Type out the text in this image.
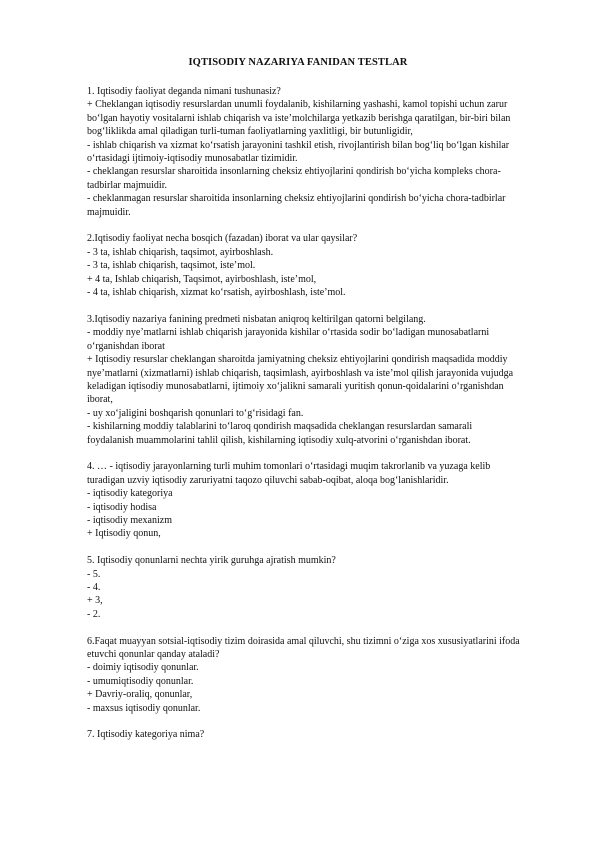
IQTISODIY NAZARIYA FANIDAN TESTLAR
1. Iqtisodiy faoliyat deganda nimani tushunasiz?
+ Cheklangan iqtisodiy resurslardan unumli foydalanib, kishilarning yashashi, kamol topishi uchun zarur
bo‘lgan hayotiy vositalarni ishlab chiqarish va iste’molchilarga yetkazib berishga qaratilgan, bir-biri bilan
bog‘liklikda amal qiladigan turli-tuman faoliyatlarning yaxlitligi, bir butunligidir,
- ishlab chiqarish va xizmat ko‘rsatish jarayonini tashkil etish, rivojlantirish bilan bog‘liq bo‘lgan kishilar
o‘rtasidagi ijtimoiy-iqtisodiy munosabatlar tizimidir.
- cheklangan resurslar sharoitida insonlarning cheksiz ehtiyojlarini qondirish bo‘yicha kompleks chora-
tadbirlar majmuidir.
- cheklanmagan resurslar sharoitida insonlarning cheksiz ehtiyojlarini qondirish bo‘yicha chora-tadbirlar
majmuidir.
2.Iqtisodiy faoliyat necha bosqich (fazadan) iborat va ular qaysilar?
- 3 ta, ishlab chiqarish, taqsimot, ayirboshlash.
- 3 ta, ishlab chiqarish, taqsimot, iste’mol.
+ 4 ta, Ishlab chiqarish, Taqsimot, ayirboshlash, iste’mol,
- 4 ta, ishlab chiqarish, xizmat ko‘rsatish, ayirboshlash, iste’mol.
3.Iqtisodiy nazariya fanining predmeti nisbatan aniqroq keltirilgan qatorni belgilang.
- moddiy nye’matlarni ishlab chiqarish jarayonida kishilar o‘rtasida sodir bo‘ladigan munosabatlarni
o‘rganishdan iborat
+ Iqtisodiy resurslar cheklangan sharoitda jamiyatning cheksiz ehtiyojlarini qondirish maqsadida moddiy
nye’matlarni (xizmatlarni) ishlab chiqarish, taqsimlash, ayirboshlash va iste’mol qilish jarayonida vujudga
keladigan iqtisodiy munosabatlarni, ijtimoiy xo‘jalikni samarali yuritish qonun-qoidalarini o‘rganishdan
iborat,
- uy xo‘jaligini boshqarish qonunlari to‘g‘risidagi fan.
- kishilarning moddiy talablarini to‘laroq qondirish maqsadida cheklangan resurslardan samarali
foydalanish muammolarini tahlil qilish, kishilarning iqtisodiy xulq-atvorini o‘rganishdan iborat.
4. … - iqtisodiy jarayonlarning turli muhim tomonlari o‘rtasidagi muqim takrorlanib va yuzaga kelib
turadigan uzviy iqtisodiy zaruriyatni taqozo qiluvchi sabab-oqibat, aloqa bog‘lanishlaridir.
- iqtisodiy kategoriya
- iqtisodiy hodisa
- iqtisodiy mexanizm
+ Iqtisodiy qonun,
5. Iqtisodiy qonunlarni nechta yirik guruhga ajratish mumkin?
- 5.
- 4.
+ 3,
- 2.
6.Faqat muayyan sotsial-iqtisodiy tizim doirasida amal qiluvchi, shu tizimni o‘ziga xos xususiyatlarini ifoda
etuvchi qonunlar qanday ataladi?
- doimiy iqtisodiy qonunlar.
- umumiqtisodiy qonunlar.
+ Davriy-oraliq, qonunlar,
- maxsus iqtisodiy qonunlar.
7. Iqtisodiy kategoriya nima?
